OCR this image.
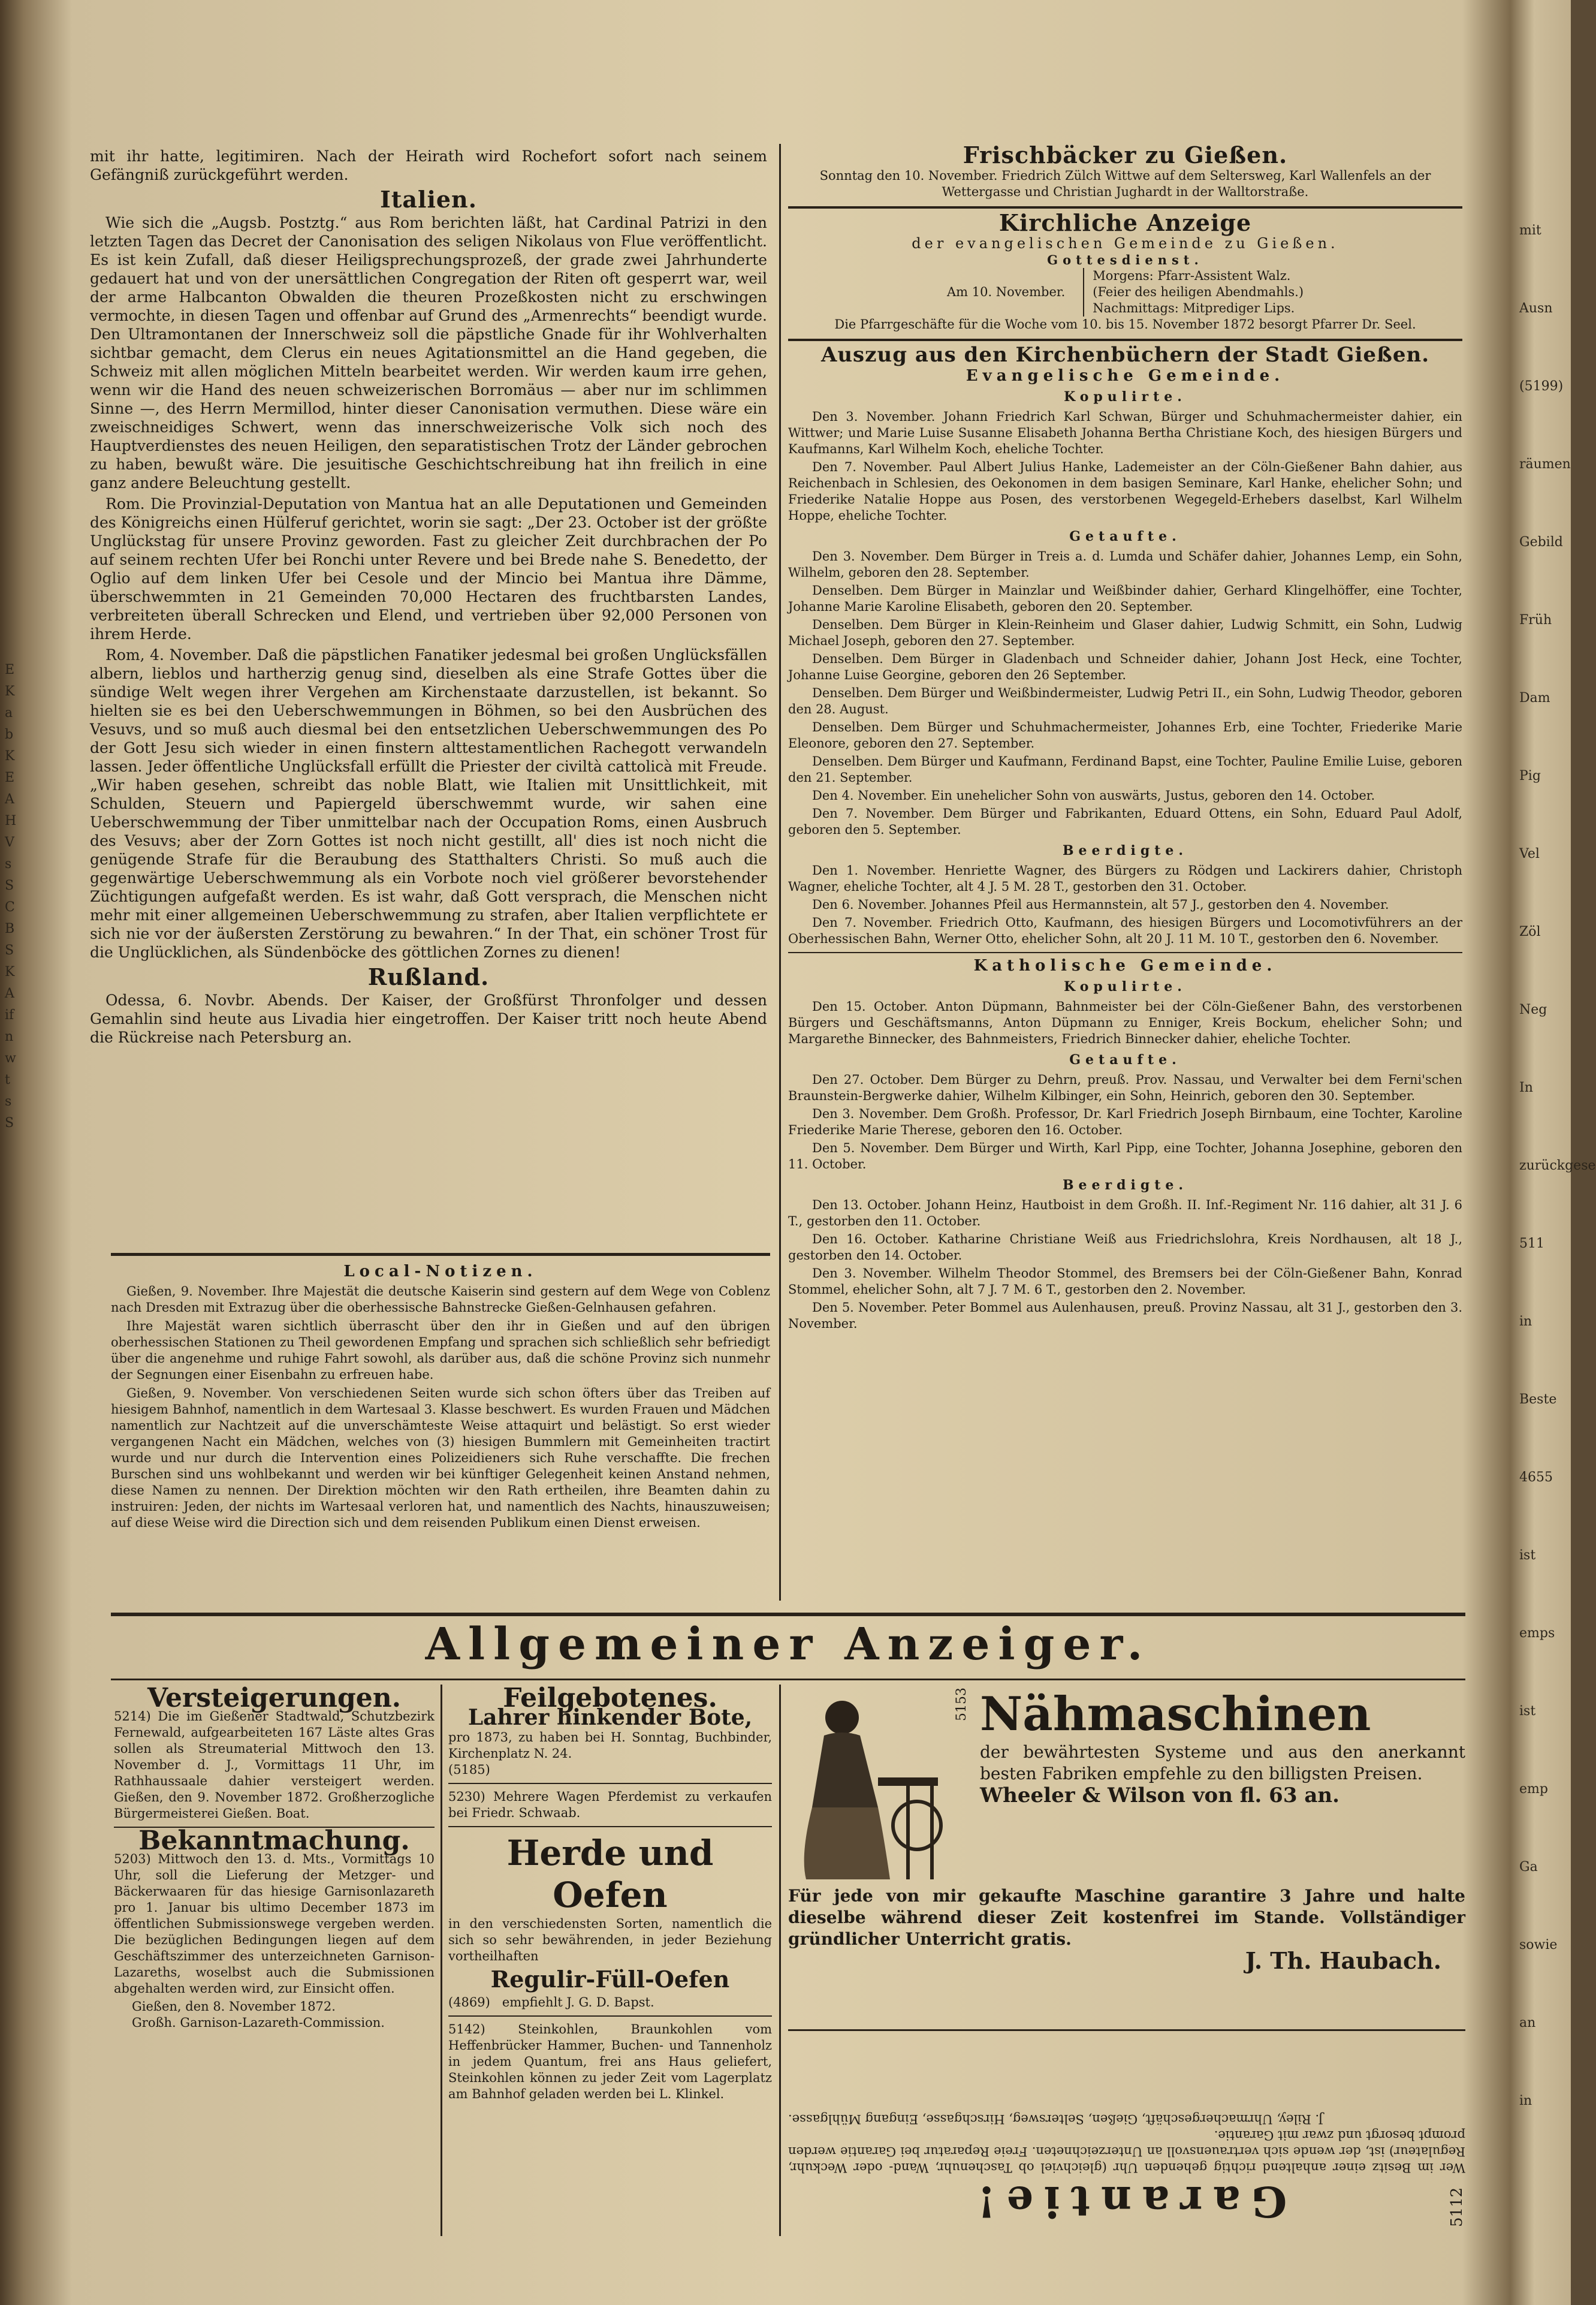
E
K
a
b
K
E
A
H
V
s
S
C
B
S
K
A
if
n
w
t
s
S
mit
Ausn
(5199)
räumen
Gebild
Früh
Dam
Pig
Vel
Zöl
Neg
In
zurückgese
511
in
Beste
4655
ist
emps
ist
emp
Ga
sowie
an
in
mit ihr hatte, legitimiren. Nach der Heirath wird Rochefort sofort nach seinem Gefängniß zurückgeführt werden.
Italien.

Wie sich die „Augsb. Postztg.“ aus Rom berichten läßt, hat Cardinal Patrizi in den letzten Tagen das Decret der Canonisation des seligen Nikolaus von Flue veröffentlicht. Es ist kein Zufall, daß dieser Heiligsprechungsprozeß, der grade zwei Jahrhunderte gedauert hat und von der unersättlichen Congregation der Riten oft gesperrt war, weil der arme Halbcanton Obwalden die theuren Prozeßkosten nicht zu erschwingen vermochte, in diesen Tagen und offenbar auf Grund des „Armenrechts“ beendigt wurde. Den Ultramontanen der Innerschweiz soll die päpstliche Gnade für ihr Wohlverhalten sichtbar gemacht, dem Clerus ein neues Agitationsmittel an die Hand gegeben, die Schweiz mit allen möglichen Mitteln bearbeitet werden. Wir werden kaum irre gehen, wenn wir die Hand des neuen schweizerischen Borromäus — aber nur im schlimmen Sinne —, des Herrn Mermillod, hinter dieser Canonisation vermuthen. Diese wäre ein zweischneidiges Schwert, wenn das innerschweizerische Volk sich noch des Hauptverdienstes des neuen Heiligen, den separatistischen Trotz der Länder gebrochen zu haben, bewußt wäre. Die jesuitische Geschichtschreibung hat ihn freilich in eine ganz andere Beleuchtung gestellt.

Rom. Die Provinzial-Deputation von Mantua hat an alle Deputationen und Gemeinden des Königreichs einen Hülferuf gerichtet, worin sie sagt: „Der 23. October ist der größte Unglückstag für unsere Provinz geworden. Fast zu gleicher Zeit durchbrachen der Po auf seinem rechten Ufer bei Ronchi unter Revere und bei Brede nahe S. Benedetto, der Oglio auf dem linken Ufer bei Cesole und der Mincio bei Mantua ihre Dämme, überschwemmten in 21 Gemeinden 70,000 Hectaren des fruchtbarsten Landes, verbreiteten überall Schrecken und Elend, und vertrieben über 92,000 Personen von ihrem Herde.

Rom, 4. November. Daß die päpstlichen Fanatiker jedesmal bei großen Unglücksfällen albern, lieblos und hartherzig genug sind, dieselben als eine Strafe Gottes über die sündige Welt wegen ihrer Vergehen am Kirchenstaate darzustellen, ist bekannt. So hielten sie es bei den Ueberschwemmungen in Böhmen, so bei den Ausbrüchen des Vesuvs, und so muß auch diesmal bei den entsetzlichen Ueberschwemmungen des Po der Gott Jesu sich wieder in einen finstern alttestamentlichen Rachegott verwandeln lassen. Jeder öffentliche Unglücksfall erfüllt die Priester der civiltà cattolicà mit Freude. „Wir haben gesehen, schreibt das noble Blatt, wie Italien mit Unsittlichkeit, mit Schulden, Steuern und Papiergeld überschwemmt wurde, wir sahen eine Ueberschwemmung der Tiber unmittelbar nach der Occupation Roms, einen Ausbruch des Vesuvs; aber der Zorn Gottes ist noch nicht gestillt, all' dies ist noch nicht die genügende Strafe für die Beraubung des Statthalters Christi. So muß auch die gegenwärtige Ueberschwemmung als ein Vorbote noch viel größerer bevorstehender Züchtigungen aufgefaßt werden. Es ist wahr, daß Gott versprach, die Menschen nicht mehr mit einer allgemeinen Ueberschwemmung zu strafen, aber Italien verpflichtete er sich nie vor der äußersten Zerstörung zu bewahren.“ In der That, ein schöner Trost für die Unglücklichen, als Sündenböcke des göttlichen Zornes zu dienen!

Rußland.

Odessa, 6. Novbr. Abends. Der Kaiser, der Großfürst Thronfolger und dessen Gemahlin sind heute aus Livadia hier eingetroffen. Der Kaiser tritt noch heute Abend die Rückreise nach Petersburg an.

Local-Notizen.

Gießen, 9. November. Ihre Majestät die deutsche Kaiserin sind gestern auf dem Wege von Coblenz nach Dresden mit Extrazug über die oberhessische Bahnstrecke Gießen-Gelnhausen gefahren.

Ihre Majestät waren sichtlich überrascht über den ihr in Gießen und auf den übrigen oberhessischen Stationen zu Theil gewordenen Empfang und sprachen sich schließlich sehr befriedigt über die angenehme und ruhige Fahrt sowohl, als darüber aus, daß die schöne Provinz sich nunmehr der Segnungen einer Eisenbahn zu erfreuen habe.

Gießen, 9. November. Von verschiedenen Seiten wurde sich schon öfters über das Treiben auf hiesigem Bahnhof, namentlich in dem Wartesaal 3. Klasse beschwert. Es wurden Frauen und Mädchen namentlich zur Nachtzeit auf die unverschämteste Weise attaquirt und belästigt. So erst wieder vergangenen Nacht ein Mädchen, welches von (3) hiesigen Bummlern mit Gemeinheiten tractirt wurde und nur durch die Intervention eines Polizeidieners sich Ruhe verschaffte. Die frechen Burschen sind uns wohlbekannt und werden wir bei künftiger Gelegenheit keinen Anstand nehmen, diese Namen zu nennen. Der Direktion möchten wir den Rath ertheilen, ihre Beamten dahin zu instruiren: Jeden, der nichts im Wartesaal verloren hat, und namentlich des Nachts, hinauszuweisen; auf diese Weise wird die Direction sich und dem reisenden Publikum einen Dienst erweisen.

Frischbäcker zu Gießen.
Sonntag den 10. November. Friedrich Zülch Wittwe auf dem Seltersweg, Karl Wallenfels an der Wettergasse und Christian Jughardt in der Walltorstraße.
Kirchliche Anzeige
der evangelischen Gemeinde zu Gießen.
Gottesdienst.
Am 10. November.
Morgens: Pfarr-Assistent Walz.
(Feier des heiligen Abendmahls.)
Nachmittags: Mitprediger Lips.
Die Pfarrgeschäfte für die Woche vom 10. bis 15. November 1872 besorgt Pfarrer Dr. Seel.
Auszug aus den Kirchenbüchern der Stadt Gießen.
Evangelische Gemeinde.
Kopulirte.
Den 3. November. Johann Friedrich Karl Schwan, Bürger und Schuhmachermeister dahier, ein Wittwer; und Marie Luise Susanne Elisabeth Johanna Bertha Christiane Koch, des hiesigen Bürgers und Kaufmanns, Karl Wilhelm Koch, eheliche Tochter.
Den 7. November. Paul Albert Julius Hanke, Lademeister an der Cöln-Gießener Bahn dahier, aus Reichenbach in Schlesien, des Oekonomen in dem basigen Seminare, Karl Hanke, ehelicher Sohn; und Friederike Natalie Hoppe aus Posen, des verstorbenen Wegegeld-Erhebers daselbst, Karl Wilhelm Hoppe, eheliche Tochter.
Getaufte.
Den 3. November. Dem Bürger in Treis a. d. Lumda und Schäfer dahier, Johannes Lemp, ein Sohn, Wilhelm, geboren den 28. September.
Denselben. Dem Bürger in Mainzlar und Weißbinder dahier, Gerhard Klingelhöffer, eine Tochter, Johanne Marie Karoline Elisabeth, geboren den 20. September.
Denselben. Dem Bürger in Klein-Reinheim und Glaser dahier, Ludwig Schmitt, ein Sohn, Ludwig Michael Joseph, geboren den 27. September.
Denselben. Dem Bürger in Gladenbach und Schneider dahier, Johann Jost Heck, eine Tochter, Johanne Luise Georgine, geboren den 26 September.
Denselben. Dem Bürger und Weißbindermeister, Ludwig Petri II., ein Sohn, Ludwig Theodor, geboren den 28. August.
Denselben. Dem Bürger und Schuhmachermeister, Johannes Erb, eine Tochter, Friederike Marie Eleonore, geboren den 27. September.
Denselben. Dem Bürger und Kaufmann, Ferdinand Bapst, eine Tochter, Pauline Emilie Luise, geboren den 21. September.
Den 4. November. Ein unehelicher Sohn von auswärts, Justus, geboren den 14. October.
Den 7. November. Dem Bürger und Fabrikanten, Eduard Ottens, ein Sohn, Eduard Paul Adolf, geboren den 5. September.
Beerdigte.
Den 1. November. Henriette Wagner, des Bürgers zu Rödgen und Lackirers dahier, Christoph Wagner, eheliche Tochter, alt 4 J. 5 M. 28 T., gestorben den 31. October.
Den 6. November. Johannes Pfeil aus Hermannstein, alt 57 J., gestorben den 4. November.
Den 7. November. Friedrich Otto, Kaufmann, des hiesigen Bürgers und Locomotivführers an der Oberhessischen Bahn, Werner Otto, ehelicher Sohn, alt 20 J. 11 M. 10 T., gestorben den 6. November.
Katholische Gemeinde.
Kopulirte.
Den 15. October. Anton Düpmann, Bahnmeister bei der Cöln-Gießener Bahn, des verstorbenen Bürgers und Geschäftsmanns, Anton Düpmann zu Enniger, Kreis Bockum, ehelicher Sohn; und Margarethe Binnecker, des Bahnmeisters, Friedrich Binnecker dahier, eheliche Tochter.
Getaufte.
Den 27. October. Dem Bürger zu Dehrn, preuß. Prov. Nassau, und Verwalter bei dem Ferni'schen Braunstein-Bergwerke dahier, Wilhelm Kilbinger, ein Sohn, Heinrich, geboren den 30. September.
Den 3. November. Dem Großh. Professor, Dr. Karl Friedrich Joseph Birnbaum, eine Tochter, Karoline Friederike Marie Therese, geboren den 16. October.
Den 5. November. Dem Bürger und Wirth, Karl Pipp, eine Tochter, Johanna Josephine, geboren den 11. October.
Beerdigte.
Den 13. October. Johann Heinz, Hautboist in dem Großh. II. Inf.-Regiment Nr. 116 dahier, alt 31 J. 6 T., gestorben den 11. October.
Den 16. October. Katharine Christiane Weiß aus Friedrichslohra, Kreis Nordhausen, alt 18 J., gestorben den 14. October.
Den 3. November. Wilhelm Theodor Stommel, des Bremsers bei der Cöln-Gießener Bahn, Konrad Stommel, ehelicher Sohn, alt 7 J. 7 M. 6 T., gestorben den 2. November.
Den 5. November. Peter Bommel aus Aulenhausen, preuß. Provinz Nassau, alt 31 J., gestorben den 3. November.
Allgemeiner Anzeiger.
Versteigerungen.
5214) Die im Gießener Stadtwald, Schutzbezirk Fernewald, aufgearbeiteten 167 Läste altes Gras sollen als Streumaterial Mittwoch den 13. November d. J., Vormittags 11 Uhr, im Rathhaussaale dahier versteigert werden. Gießen, den 9. November 1872. Großherzogliche Bürgermeisterei Gießen. Boat.
Bekanntmachung.
5203) Mittwoch den 13. d. Mts., Vormittags 10 Uhr, soll die Lieferung der Metzger- und Bäckerwaaren für das hiesige Garnisonlazareth pro 1. Januar bis ultimo December 1873 im öffentlichen Submissionswege vergeben werden. Die bezüglichen Bedingungen liegen auf dem Geschäftszimmer des unterzeichneten Garnison-Lazareths, woselbst auch die Submissionen abgehalten werden wird, zur Einsicht offen.
Gießen, den 8. November 1872.
Großh. Garnison-Lazareth-Commission.
Feilgebotenes.
Lahrer hinkender Bote,
pro 1873, zu haben bei H. Sonntag, Buchbinder, Kirchenplatz N. 24.
(5185)
5230) Mehrere Wagen Pferdemist zu verkaufen bei Friedr. Schwaab.
Herde und Oefen
in den verschiedensten Sorten, namentlich die sich so sehr bewährenden, in jeder Beziehung vortheilhaften
Regulir-Füll-Oefen
(4869) empfiehlt J. G. D. Bapst.
5142) Steinkohlen, Braunkohlen vom Heffenbrücker Hammer, Buchen- und Tannenholz in jedem Quantum, frei ans Haus geliefert, Steinkohlen können zu jeder Zeit vom Lagerplatz am Bahnhof geladen werden bei L. Klinkel.
5153 Nähmaschinen
der bewährtesten Systeme und aus den anerkannt besten Fabriken empfehle zu den billigsten Preisen.
Wheeler & Wilson von fl. 63 an.
Für jede von mir gekaufte Maschine garantire 3 Jahre und halte dieselbe während dieser Zeit kostenfrei im Stande. Vollständiger gründlicher Unterricht gratis.
J. Th. Haubach.
Garantie!
Wer im Besitz einer anhaltend richtig gehenden Uhr (gleichviel ob Taschenuhr, Wand- oder Weckuhr, Regulateur) ist, der wende sich vertrauensvoll an Unterzeichneten. Freie Reparatur bei Garantie werden prompt besorgt und zwar mit Garantie.
J. Riley, Uhrmachergeschäft, Gießen, Seltersweg, Hirschgasse, Eingang Mühlgasse.
5112
